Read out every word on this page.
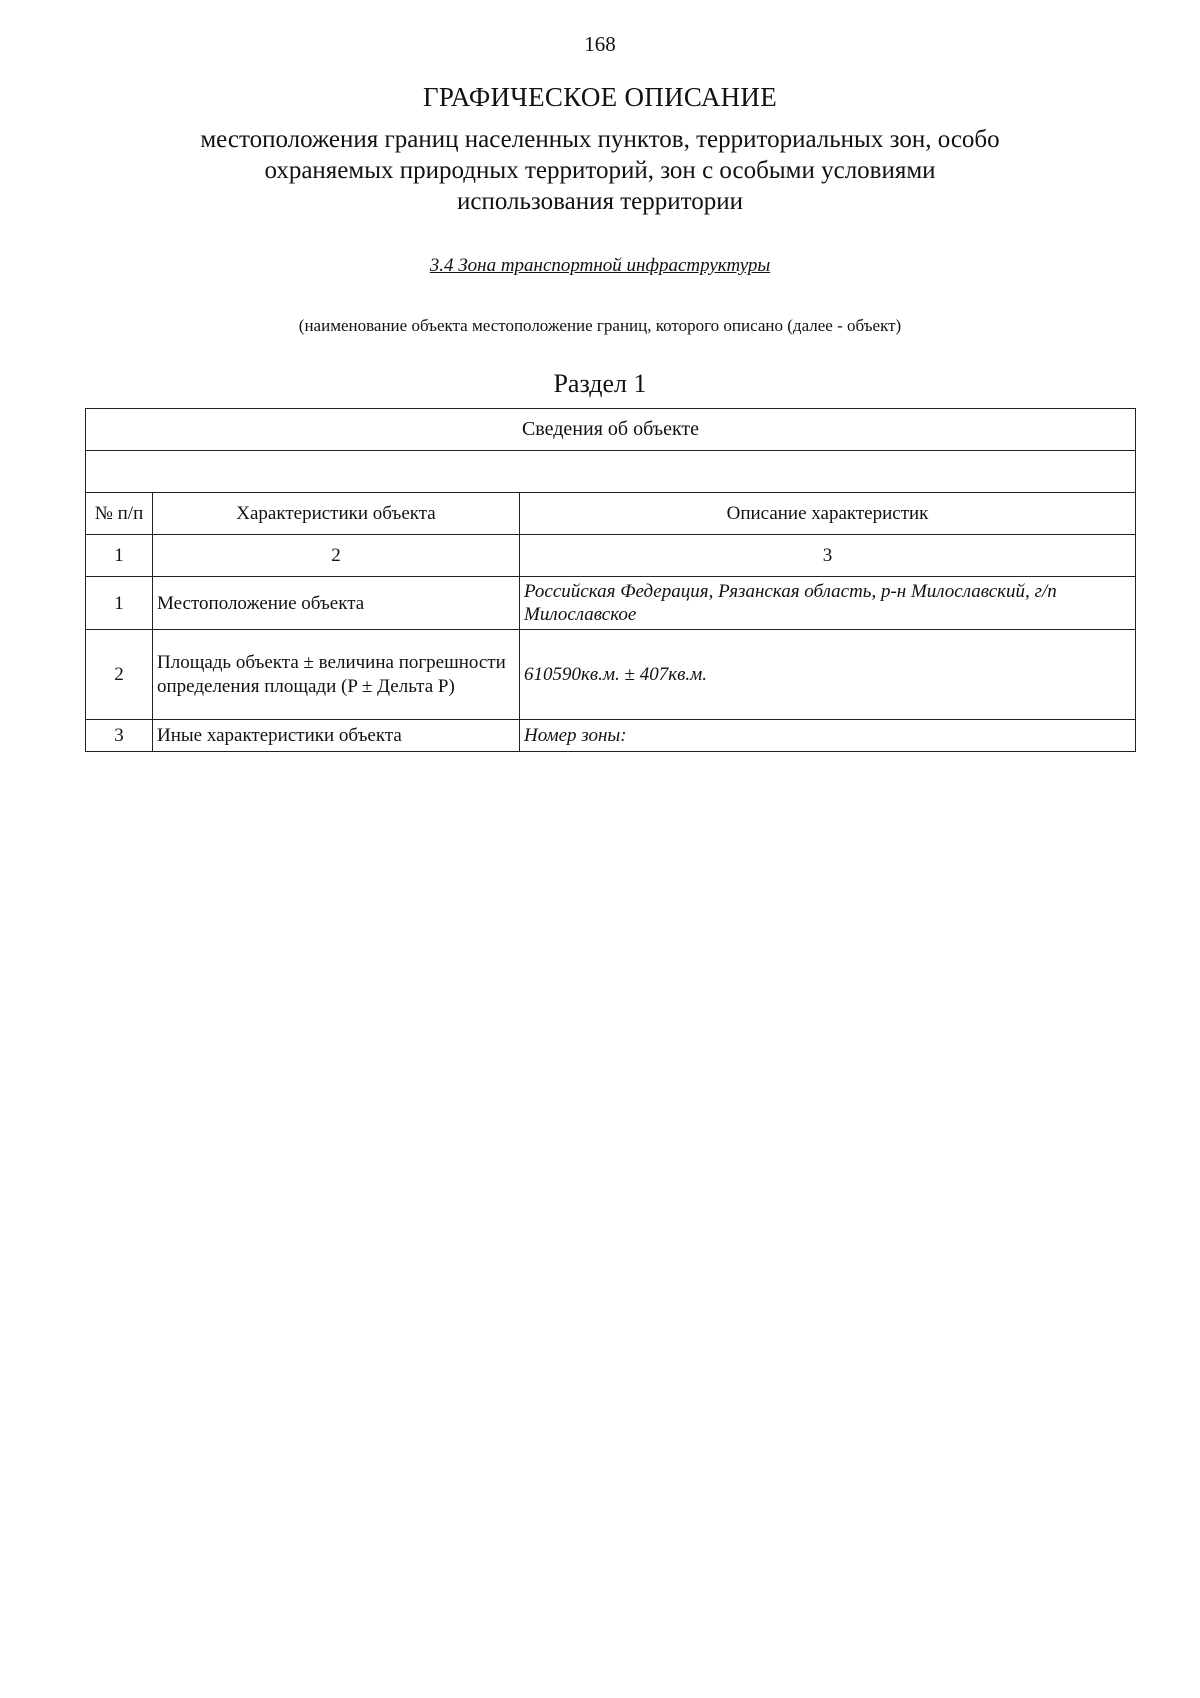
168
ГРАФИЧЕСКОЕ ОПИСАНИЕ
местоположения границ населенных пунктов, территориальных зон, особо охраняемых природных территорий, зон с особыми условиями использования территории
3.4 Зона транспортной инфраструктуры
(наименование объекта местоположение границ, которого описано (далее - объект)
Раздел 1
Сведения об объекте		

№ п/п	Характеристики объекта	Описание характеристик
1	2	3
1	Местоположение объекта	Российская Федерация, Рязанская область, р-н Милославский, г/п Милославское
2	Площадь объекта ± величина погрешности определения площади (P ± Дельта P)	610590кв.м. ± 407кв.м.
3	Иные характеристики объекта	Номер зоны:
